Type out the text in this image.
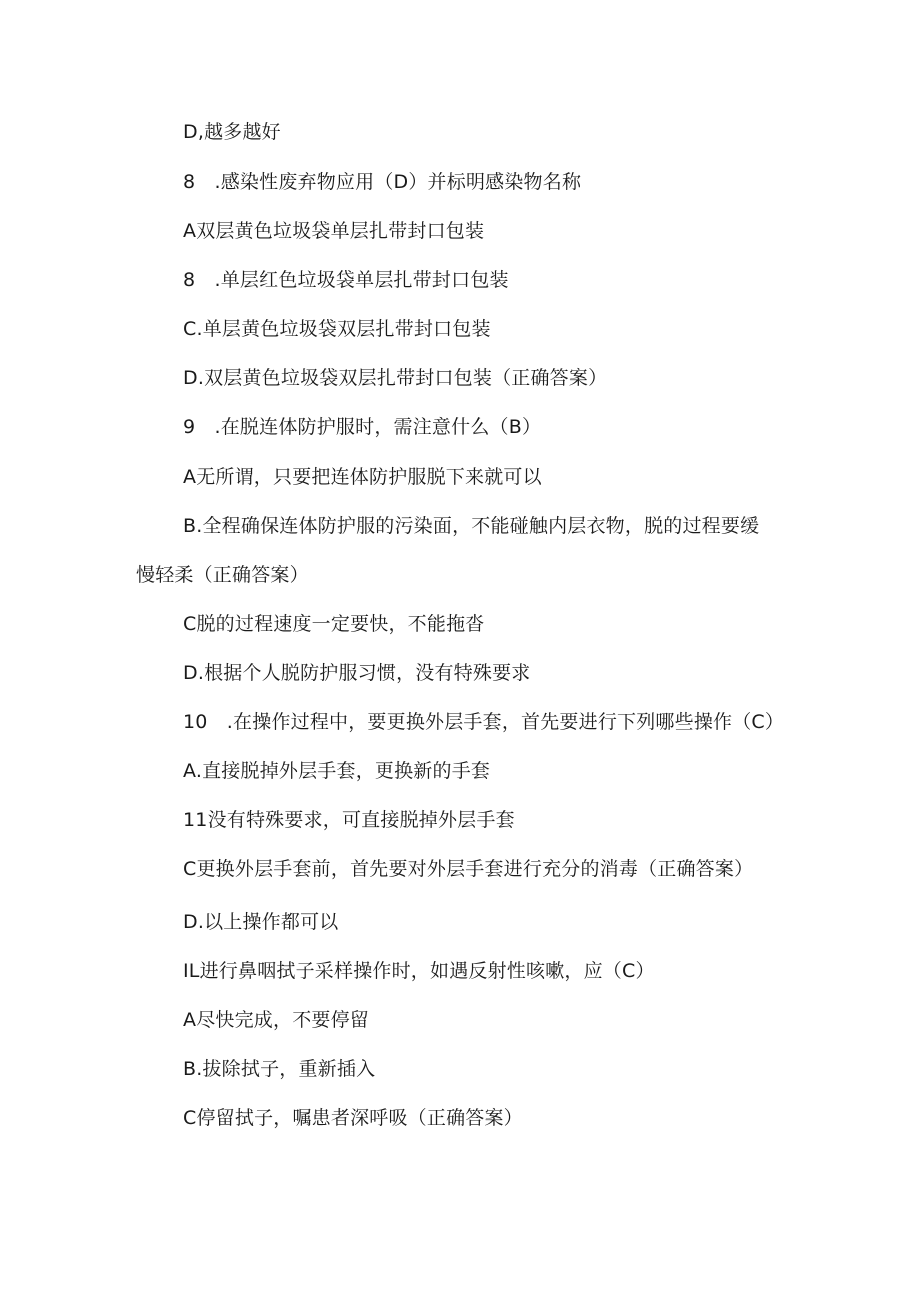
D,越多越好
8　.感染性废弃物应用（D）并标明感染物名称
A双层黄色垃圾袋单层扎带封口包装
8　.单层红色垃圾袋单层扎带封口包装
C.单层黄色垃圾袋双层扎带封口包装
D.双层黄色垃圾袋双层扎带封口包装（正确答案）
9　.在脱连体防护服时，需注意什么（B）
A无所谓，只要把连体防护服脱下来就可以
B.全程确保连体防护服的污染面，不能碰触内层衣物，脱的过程要缓
慢轻柔（正确答案）
C脱的过程速度一定要快，不能拖沓
D.根据个人脱防护服习惯，没有特殊要求
10　.在操作过程中，要更换外层手套，首先要进行下列哪些操作（C）
A.直接脱掉外层手套，更换新的手套
11没有特殊要求，可直接脱掉外层手套
C更换外层手套前，首先要对外层手套进行充分的消毒（正确答案）
D.以上操作都可以
IL进行鼻咽拭子采样操作时，如遇反射性咳嗽，应（C）
A尽快完成，不要停留
B.拔除拭子，重新插入
C停留拭子，嘱患者深呼吸（正确答案）
